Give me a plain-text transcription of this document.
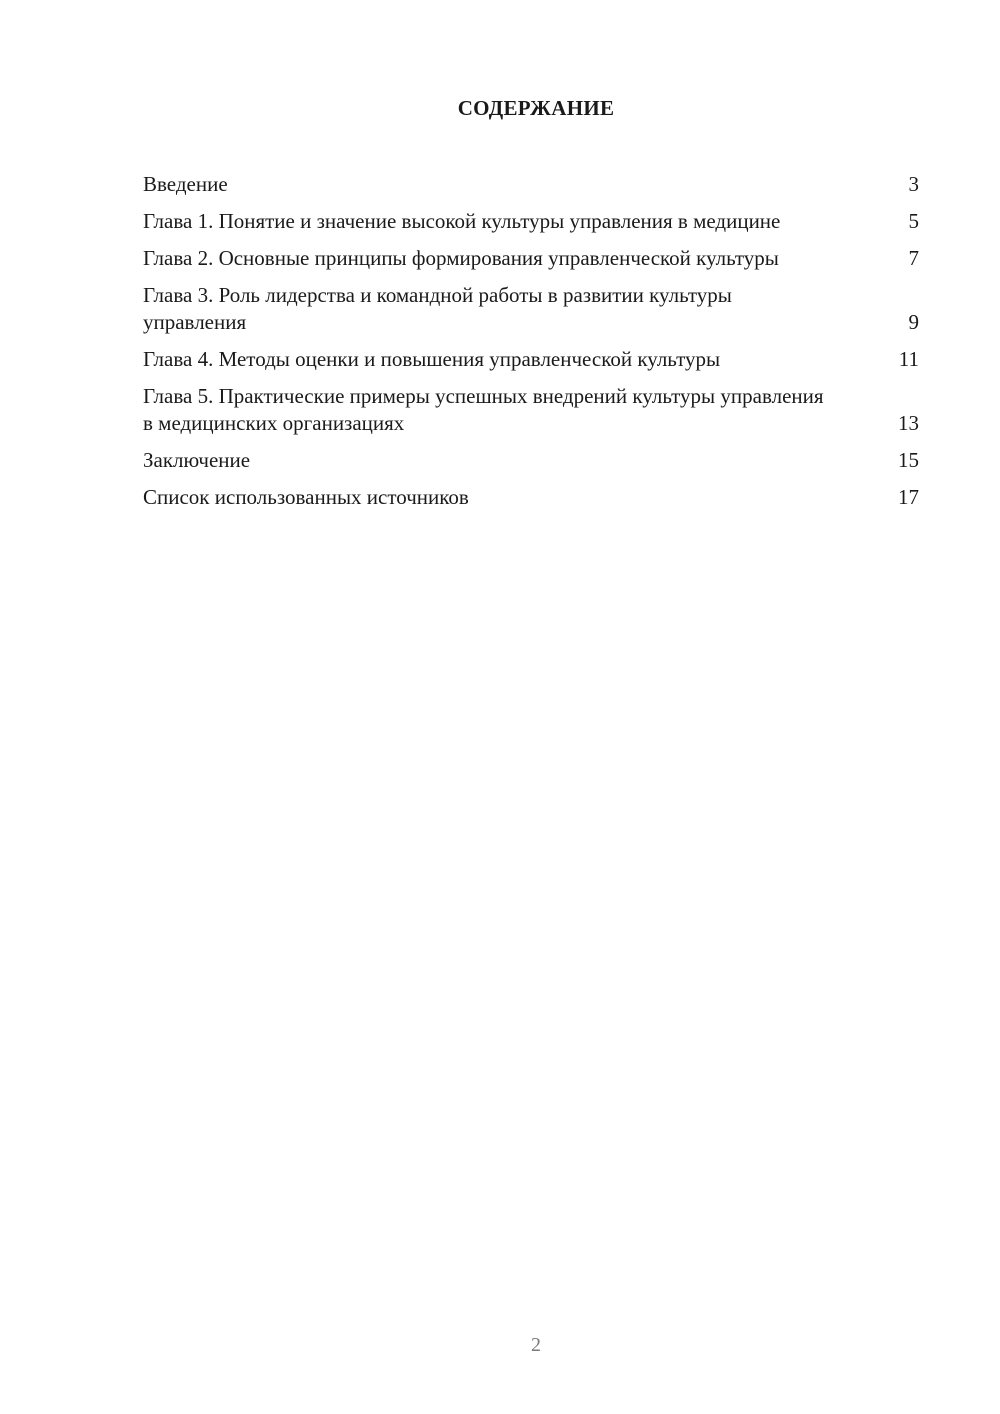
СОДЕРЖАНИЕ
Введение	3
Глава 1. Понятие и значение высокой культуры управления в медицине	5
Глава 2. Основные принципы формирования управленческой культуры	7
Глава 3. Роль лидерства и командной работы в развитии культуры управления	9
Глава 4. Методы оценки и повышения управленческой культуры	11
Глава 5. Практические примеры успешных внедрений культуры управления в медицинских организациях	13
Заключение	15
Список использованных источников	17
2
